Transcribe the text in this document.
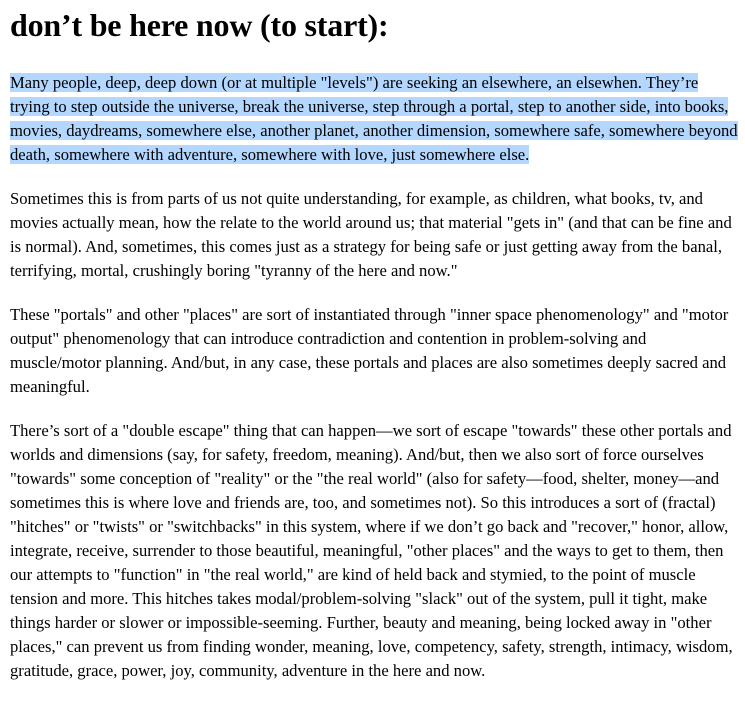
don’t be here now (to start):

Many people, deep, deep down (or at multiple "levels") are seeking an elsewhere, an elsewhen. They’re trying to step outside the universe, break the universe, step through a portal, step to another side, into books, movies, daydreams, somewhere else, another planet, another dimension, somewhere safe, somewhere beyond death, somewhere with adventure, somewhere with love, just somewhere else.

Sometimes this is from parts of us not quite understanding, for example, as children, what books, tv, and movies actually mean, how the relate to the world around us; that material "gets in" (and that can be fine and is normal). And, sometimes, this comes just as a strategy for being safe or just getting away from the banal, terrifying, mortal, crushingly boring "tyranny of the here and now."

These "portals" and other "places" are sort of instantiated through "inner space phenomenology" and "motor output" phenomenology that can introduce contradiction and contention in problem-solving and muscle/motor planning. And/but, in any case, these portals and places are also sometimes deeply sacred and meaningful.

There’s sort of a "double escape" thing that can happen—we sort of escape "towards" these other portals and worlds and dimensions (say, for safety, freedom, meaning). And/but, then we also sort of force ourselves "towards" some conception of "reality" or the "the real world" (also for safety—food, shelter, money—and sometimes this is where love and friends are, too, and sometimes not). So this introduces a sort of (fractal) "hitches" or "twists" or "switchbacks" in this system, where if we don’t go back and "recover," honor, allow, integrate, receive, surrender to those beautiful, meaningful, "other places" and the ways to get to them, then our attempts to "function" in "the real world," are kind of held back and stymied, to the point of muscle tension and more. This hitches takes modal/problem-solving "slack" out of the system, pull it tight, make things harder or slower or impossible-seeming. Further, beauty and meaning, being locked away in "other places," can prevent us from finding wonder, meaning, love, competency, safety, strength, intimacy, wisdom, gratitude, grace, power, joy, community, adventure in the here and now.
